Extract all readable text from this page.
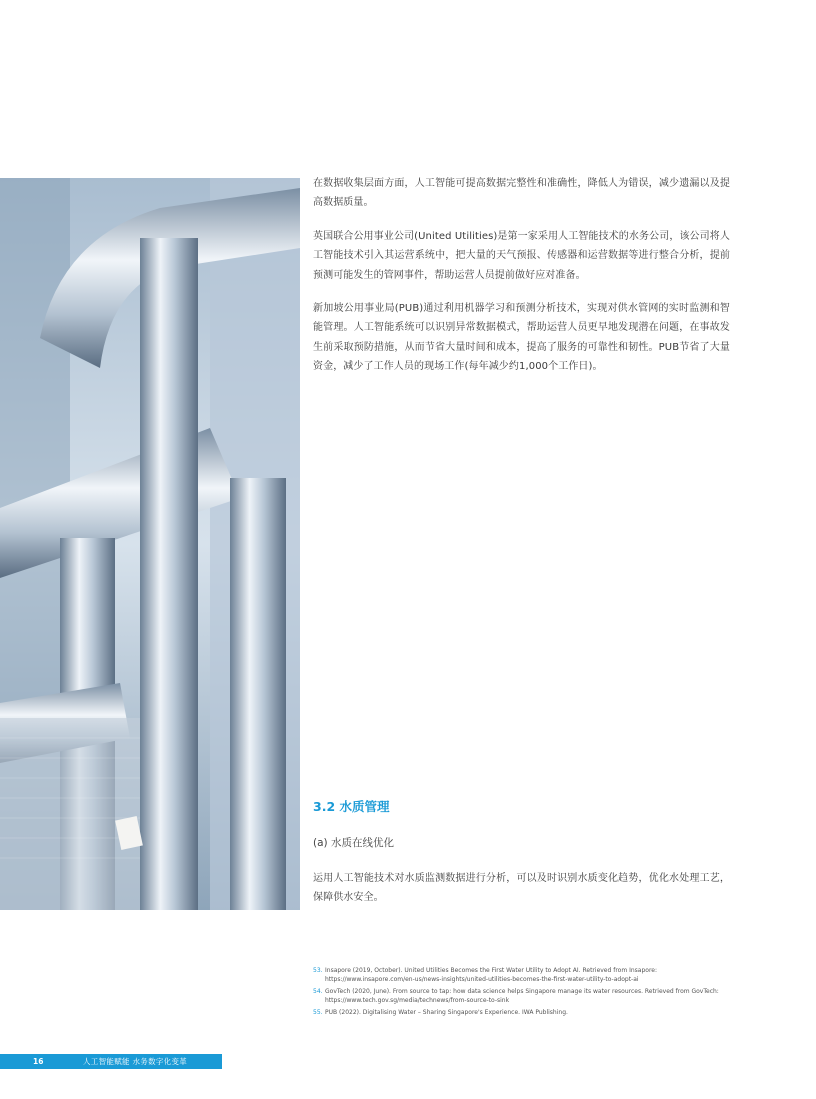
在数据收集层面方面，人工智能可提高数据完整性和准确性，降低人为错误，减少遗漏以及提高数据质量。

英国联合公用事业公司(United Utilities)是第一家采用人工智能技术的水务公司，该公司将人工智能技术引入其运营系统中，把大量的天气预报、传感器和运营数据等进行整合分析，提前预测可能发生的管网事件，帮助运营人员提前做好应对准备。

新加坡公用事业局(PUB)通过利用机器学习和预测分析技术，实现对供水管网的实时监测和智能管理。人工智能系统可以识别异常数据模式，帮助运营人员更早地发现潜在问题，在事故发生前采取预防措施，从而节省大量时间和成本，提高了服务的可靠性和韧性。PUB节省了大量资金，减少了工作人员的现场工作(每年减少约1,000个工作日)。

3.2 水质管理
(a) 水质在线优化

运用人工智能技术对水质监测数据进行分析，可以及时识别水质变化趋势，优化水处理工艺，保障供水安全。

53. Insapore (2019, October). United Utilities Becomes the First Water Utility to Adopt AI. Retrieved from Insapore: https://www.insapore.com/en-us/news-insights/united-utilities-becomes-the-first-water-utility-to-adopt-ai
54. GovTech (2020, June). From source to tap: how data science helps Singapore manage its water resources. Retrieved from GovTech: https://www.tech.gov.sg/media/technews/from-source-to-sink
55. PUB (2022). Digitalising Water – Sharing Singapore's Experience. IWA Publishing.
16	人工智能赋能 水务数字化变革
